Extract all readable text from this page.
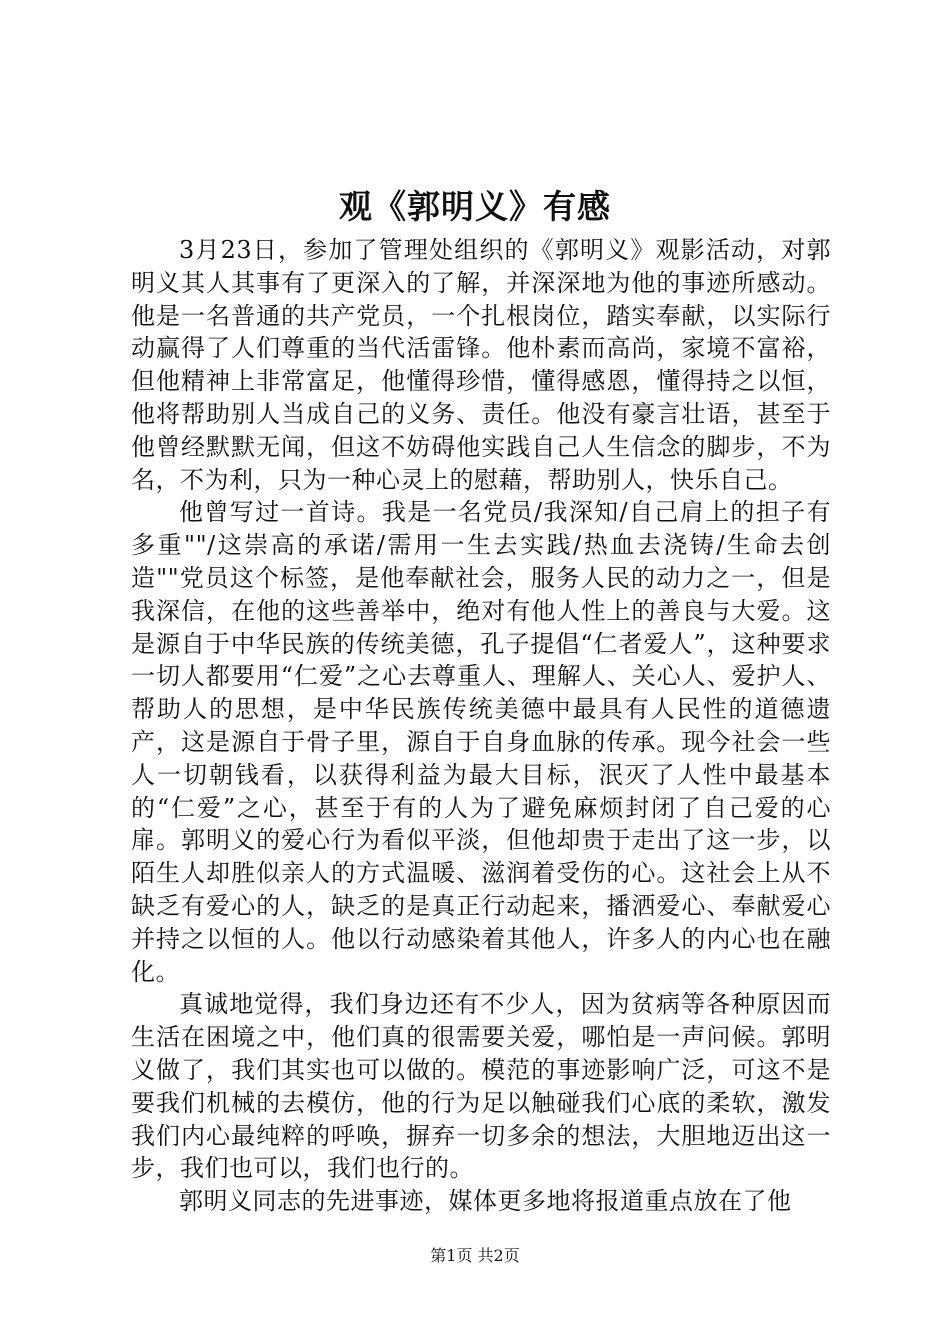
观《郭明义》有感

3月23日，参加了管理处组织的《郭明义》观影活动，对郭明义其人其事有了更深入的了解，并深深地为他的事迹所感动。他是一名普通的共产党员，一个扎根岗位，踏实奉献，以实际行动赢得了人们尊重的当代活雷锋。他朴素而高尚，家境不富裕，但他精神上非常富足，他懂得珍惜，懂得感恩，懂得持之以恒，他将帮助别人当成自己的义务、责任。他没有豪言壮语，甚至于他曾经默默无闻，但这不妨碍他实践自己人生信念的脚步，不为名，不为利，只为一种心灵上的慰藉，帮助别人，快乐自己。

他曾写过一首诗。我是一名党员/我深知/自己肩上的担子有多重""/这崇高的承诺/需用一生去实践/热血去浇铸/生命去创造""党员这个标签，是他奉献社会，服务人民的动力之一，但是我深信，在他的这些善举中，绝对有他人性上的善良与大爱。这是源自于中华民族的传统美德，孔子提倡“仁者爱人”，这种要求一切人都要用“仁爱”之心去尊重人、理解人、关心人、爱护人、帮助人的思想，是中华民族传统美德中最具有人民性的道德遗产，这是源自于骨子里，源自于自身血脉的传承。现今社会一些人一切朝钱看，以获得利益为最大目标，泯灭了人性中最基本的“仁爱”之心，甚至于有的人为了避免麻烦封闭了自己爱的心扉。郭明义的爱心行为看似平淡，但他却贵于走出了这一步，以陌生人却胜似亲人的方式温暖、滋润着受伤的心。这社会上从不缺乏有爱心的人，缺乏的是真正行动起来，播洒爱心、奉献爱心并持之以恒的人。他以行动感染着其他人，许多人的内心也在融化。

真诚地觉得，我们身边还有不少人，因为贫病等各种原因而生活在困境之中，他们真的很需要关爱，哪怕是一声问候。郭明义做了，我们其实也可以做的。模范的事迹影响广泛，可这不是要我们机械的去模仿，他的行为足以触碰我们心底的柔软，激发我们内心最纯粹的呼唤，摒弃一切多余的想法，大胆地迈出这一步，我们也可以，我们也行的。

郭明义同志的先进事迹，媒体更多地将报道重点放在了他

第1页 共2页
